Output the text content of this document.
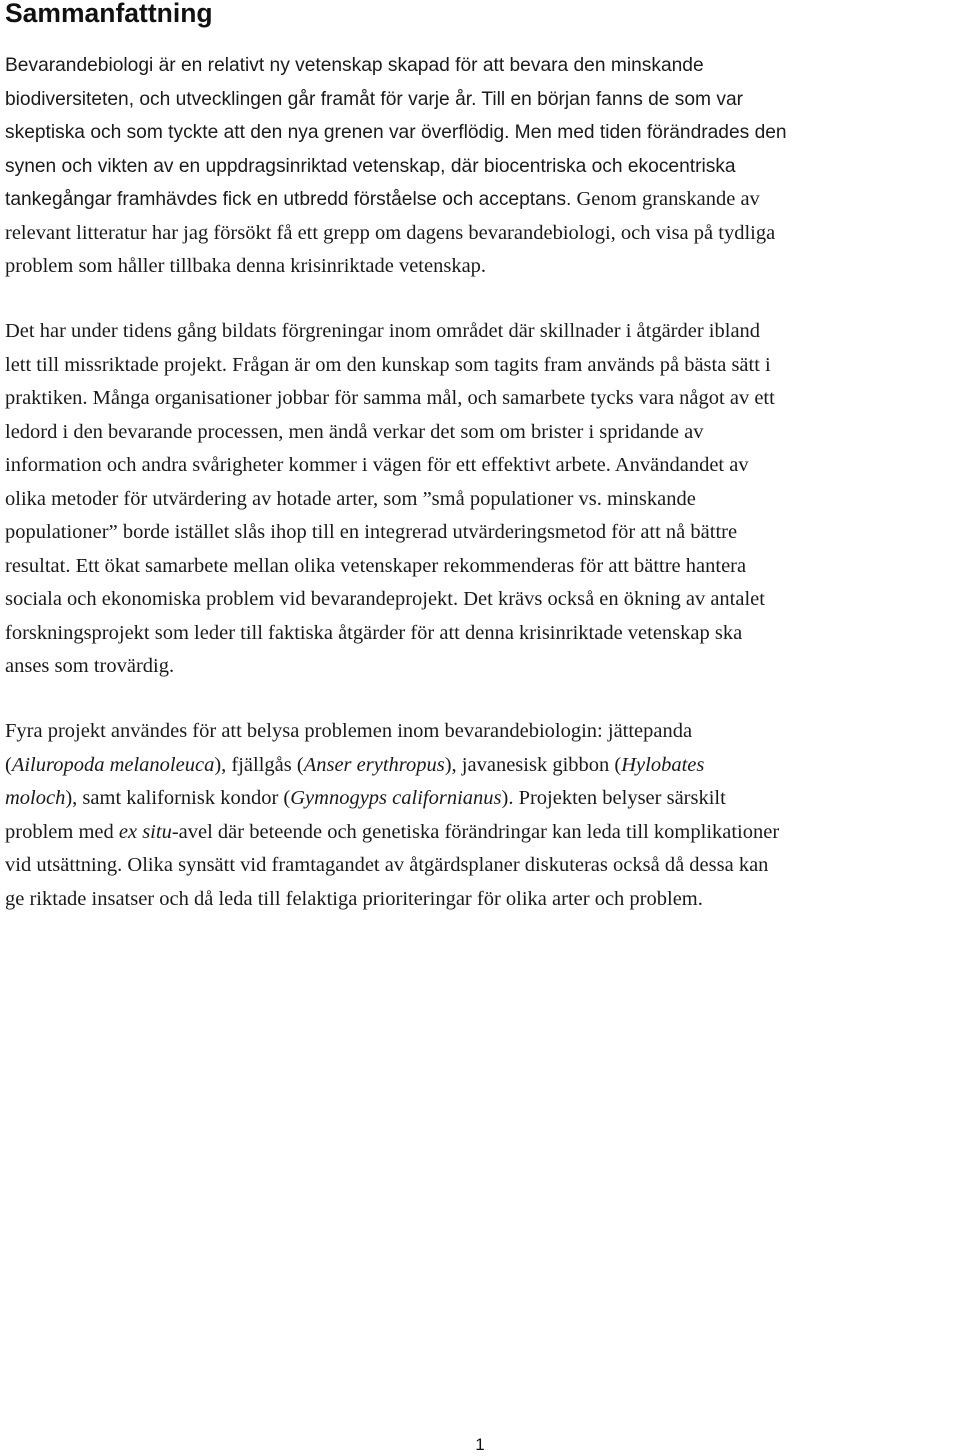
Sammanfattning

Bevarandebiologi är en relativt ny vetenskap skapad för att bevara den minskande
biodiversiteten, och utvecklingen går framåt för varje år. Till en början fanns de som var
skeptiska och som tyckte att den nya grenen var överflödig. Men med tiden förändrades den
synen och vikten av en uppdragsinriktad vetenskap, där biocentriska och ekocentriska
tankegångar framhävdes fick en utbredd förståelse och acceptans. Genom granskande av
relevant litteratur har jag försökt få ett grepp om dagens bevarandebiologi, och visa på tydliga
problem som håller tillbaka denna krisinriktade vetenskap.

Det har under tidens gång bildats förgreningar inom området där skillnader i åtgärder ibland
lett till missriktade projekt. Frågan är om den kunskap som tagits fram används på bästa sätt i
praktiken. Många organisationer jobbar för samma mål, och samarbete tycks vara något av ett
ledord i den bevarande processen, men ändå verkar det som om brister i spridande av
information och andra svårigheter kommer i vägen för ett effektivt arbete. Användandet av
olika metoder för utvärdering av hotade arter, som ”små populationer vs. minskande
populationer” borde istället slås ihop till en integrerad utvärderingsmetod för att nå bättre
resultat. Ett ökat samarbete mellan olika vetenskaper rekommenderas för att bättre hantera
sociala och ekonomiska problem vid bevarandeprojekt. Det krävs också en ökning av antalet
forskningsprojekt som leder till faktiska åtgärder för att denna krisinriktade vetenskap ska
anses som trovärdig.

Fyra projekt användes för att belysa problemen inom bevarandebiologin: jättepanda
(Ailuropoda melanoleuca), fjällgås (Anser erythropus), javanesisk gibbon (Hylobates
moloch), samt kalifornisk kondor (Gymnogyps californianus). Projekten belyser särskilt
problem med ex situ-avel där beteende och genetiska förändringar kan leda till komplikationer
vid utsättning. Olika synsätt vid framtagandet av åtgärdsplaner diskuteras också då dessa kan
ge riktade insatser och då leda till felaktiga prioriteringar för olika arter och problem.

1
